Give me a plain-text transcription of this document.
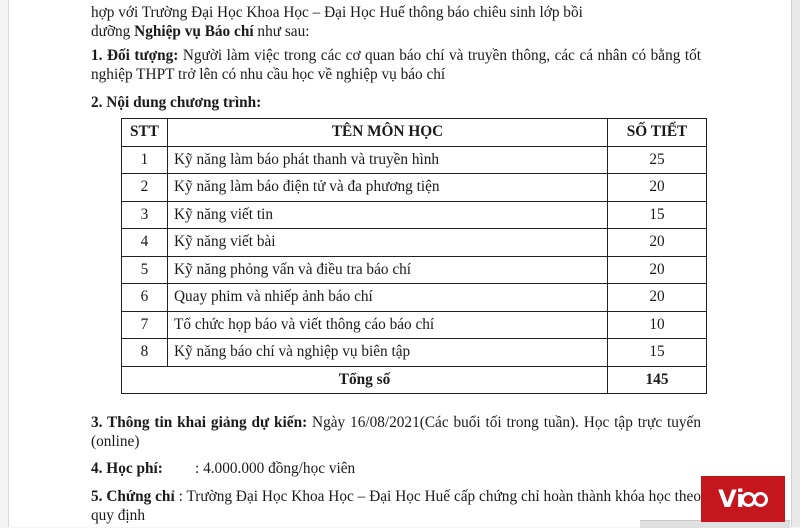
hợp với Trường Đại Học Khoa Học – Đại Học Huế thông báo chiêu sinh lớp bồi
dưỡng Nghiệp vụ Báo chí như sau:
1. Đối tượng: Người làm việc trong các cơ quan báo chí và truyền thông, các cá nhân có bằng tốt nghiệp THPT trở lên có nhu cầu học về nghiệp vụ báo chí
2. Nội dung chương trình:
STT	TÊN MÔN HỌC	SỐ TIẾT
1	Kỹ năng làm báo phát thanh và truyền hình	25
2	Kỹ năng làm báo điện tử và đa phương tiện	20
3	Kỹ năng viết tin	15
4	Kỹ năng viết bài	20
5	Kỹ năng phỏng vấn và điều tra báo chí	20
6	Quay phim và nhiếp ảnh báo chí	20
7	Tổ chức họp báo và viết thông cáo báo chí	10
8	Kỹ năng báo chí và nghiệp vụ biên tập	15
Tổng số		145
3. Thông tin khai giảng dự kiến: Ngày 16/08/2021(Các buổi tối trong tuần). Học tập trực tuyến (online)
4. Học phí: : 4.000.000 đồng/học viên
5. Chứng chỉ : Trường Đại Học Khoa Học – Đại Học Huế cấp chứng chỉ hoàn thành khóa học theo quy định
V i
